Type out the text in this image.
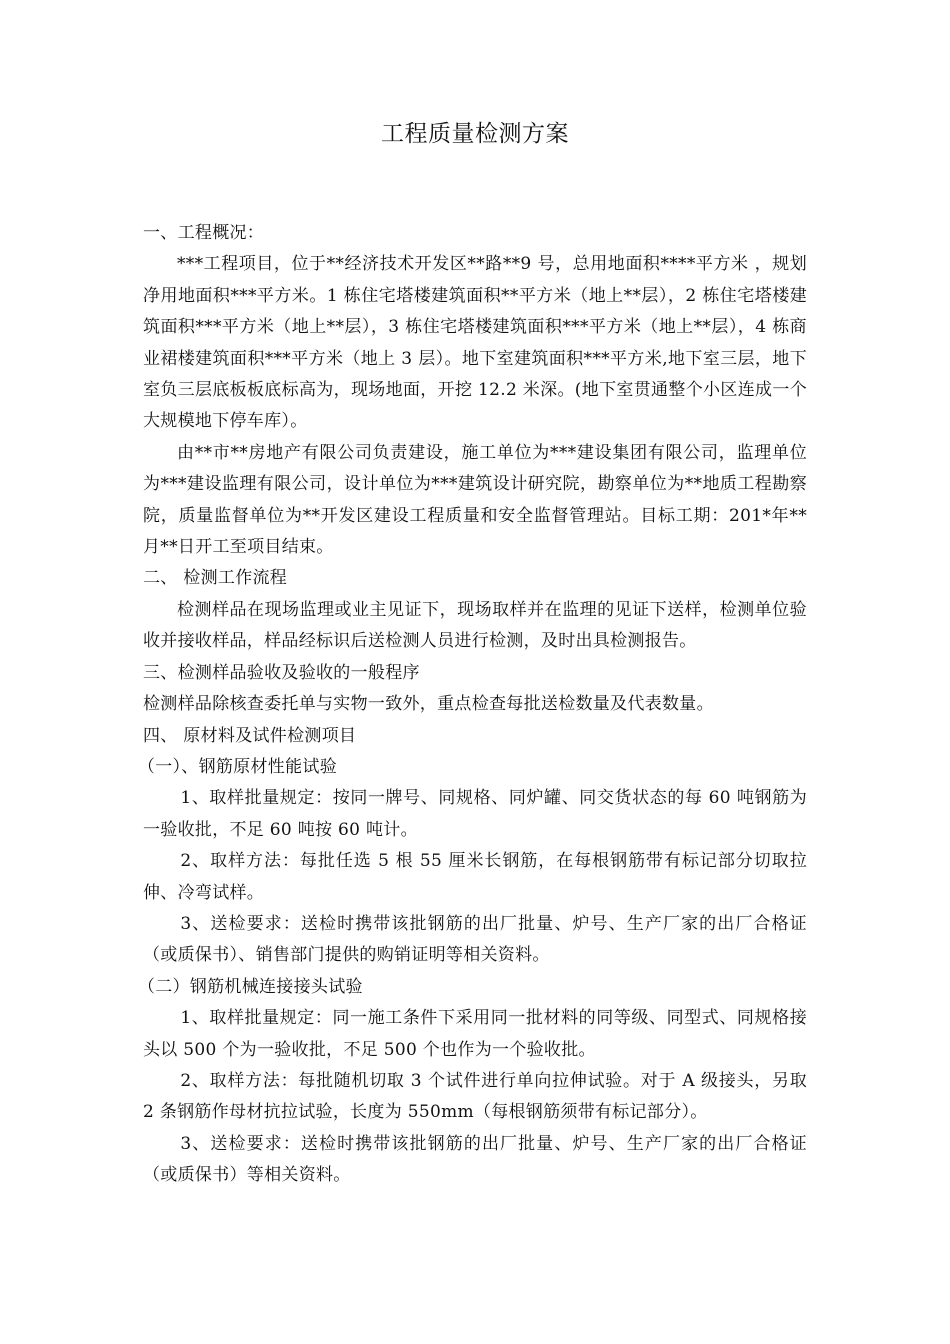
工程质量检测方案

一、工程概况：

***工程项目，位于**经济技术开发区**路**9 号，总用地面积****平方米 ，规划净用地面积***平方米。1 栋住宅塔楼建筑面积**平方米（地上**层），2 栋住宅塔楼建筑面积***平方米（地上**层），3 栋住宅塔楼建筑面积***平方米（地上**层），4 栋商业裙楼建筑面积***平方米（地上 3 层）。地下室建筑面积***平方米,地下室三层，地下室负三层底板板底标高为，现场地面，开挖 12.2 米深。(地下室贯通整个小区连成一个大规模地下停车库）。

由**市**房地产有限公司负责建设，施工单位为***建设集团有限公司，监理单位为***建设监理有限公司，设计单位为***建筑设计研究院，勘察单位为**地质工程勘察院，质量监督单位为**开发区建设工程质量和安全监督管理站。目标工期：201*年**月**日开工至项目结束。

二、 检测工作流程

检测样品在现场监理或业主见证下，现场取样并在监理的见证下送样，检测单位验收并接收样品，样品经标识后送检测人员进行检测，及时出具检测报告。

三、检测样品验收及验收的一般程序

检测样品除核查委托单与实物一致外，重点检查每批送检数量及代表数量。

四、 原材料及试件检测项目

（一）、钢筋原材性能试验

1、取样批量规定：按同一牌号、同规格、同炉罐、同交货状态的每 60 吨钢筋为一验收批，不足 60 吨按 60 吨计。

2、取样方法：每批任选 5 根 55 厘米长钢筋，在每根钢筋带有标记部分切取拉伸、冷弯试样。

3、送检要求：送检时携带该批钢筋的出厂批量、炉号、生产厂家的出厂合格证（或质保书）、销售部门提供的购销证明等相关资料。

（二）钢筋机械连接接头试验

1、取样批量规定：同一施工条件下采用同一批材料的同等级、同型式、同规格接头以 500 个为一验收批，不足 500 个也作为一个验收批。

2、取样方法：每批随机切取 3 个试件进行单向拉伸试验。对于 A 级接头，另取 2 条钢筋作母材抗拉试验，长度为 550mm（每根钢筋须带有标记部分）。

3、送检要求：送检时携带该批钢筋的出厂批量、炉号、生产厂家的出厂合格证（或质保书）等相关资料。
